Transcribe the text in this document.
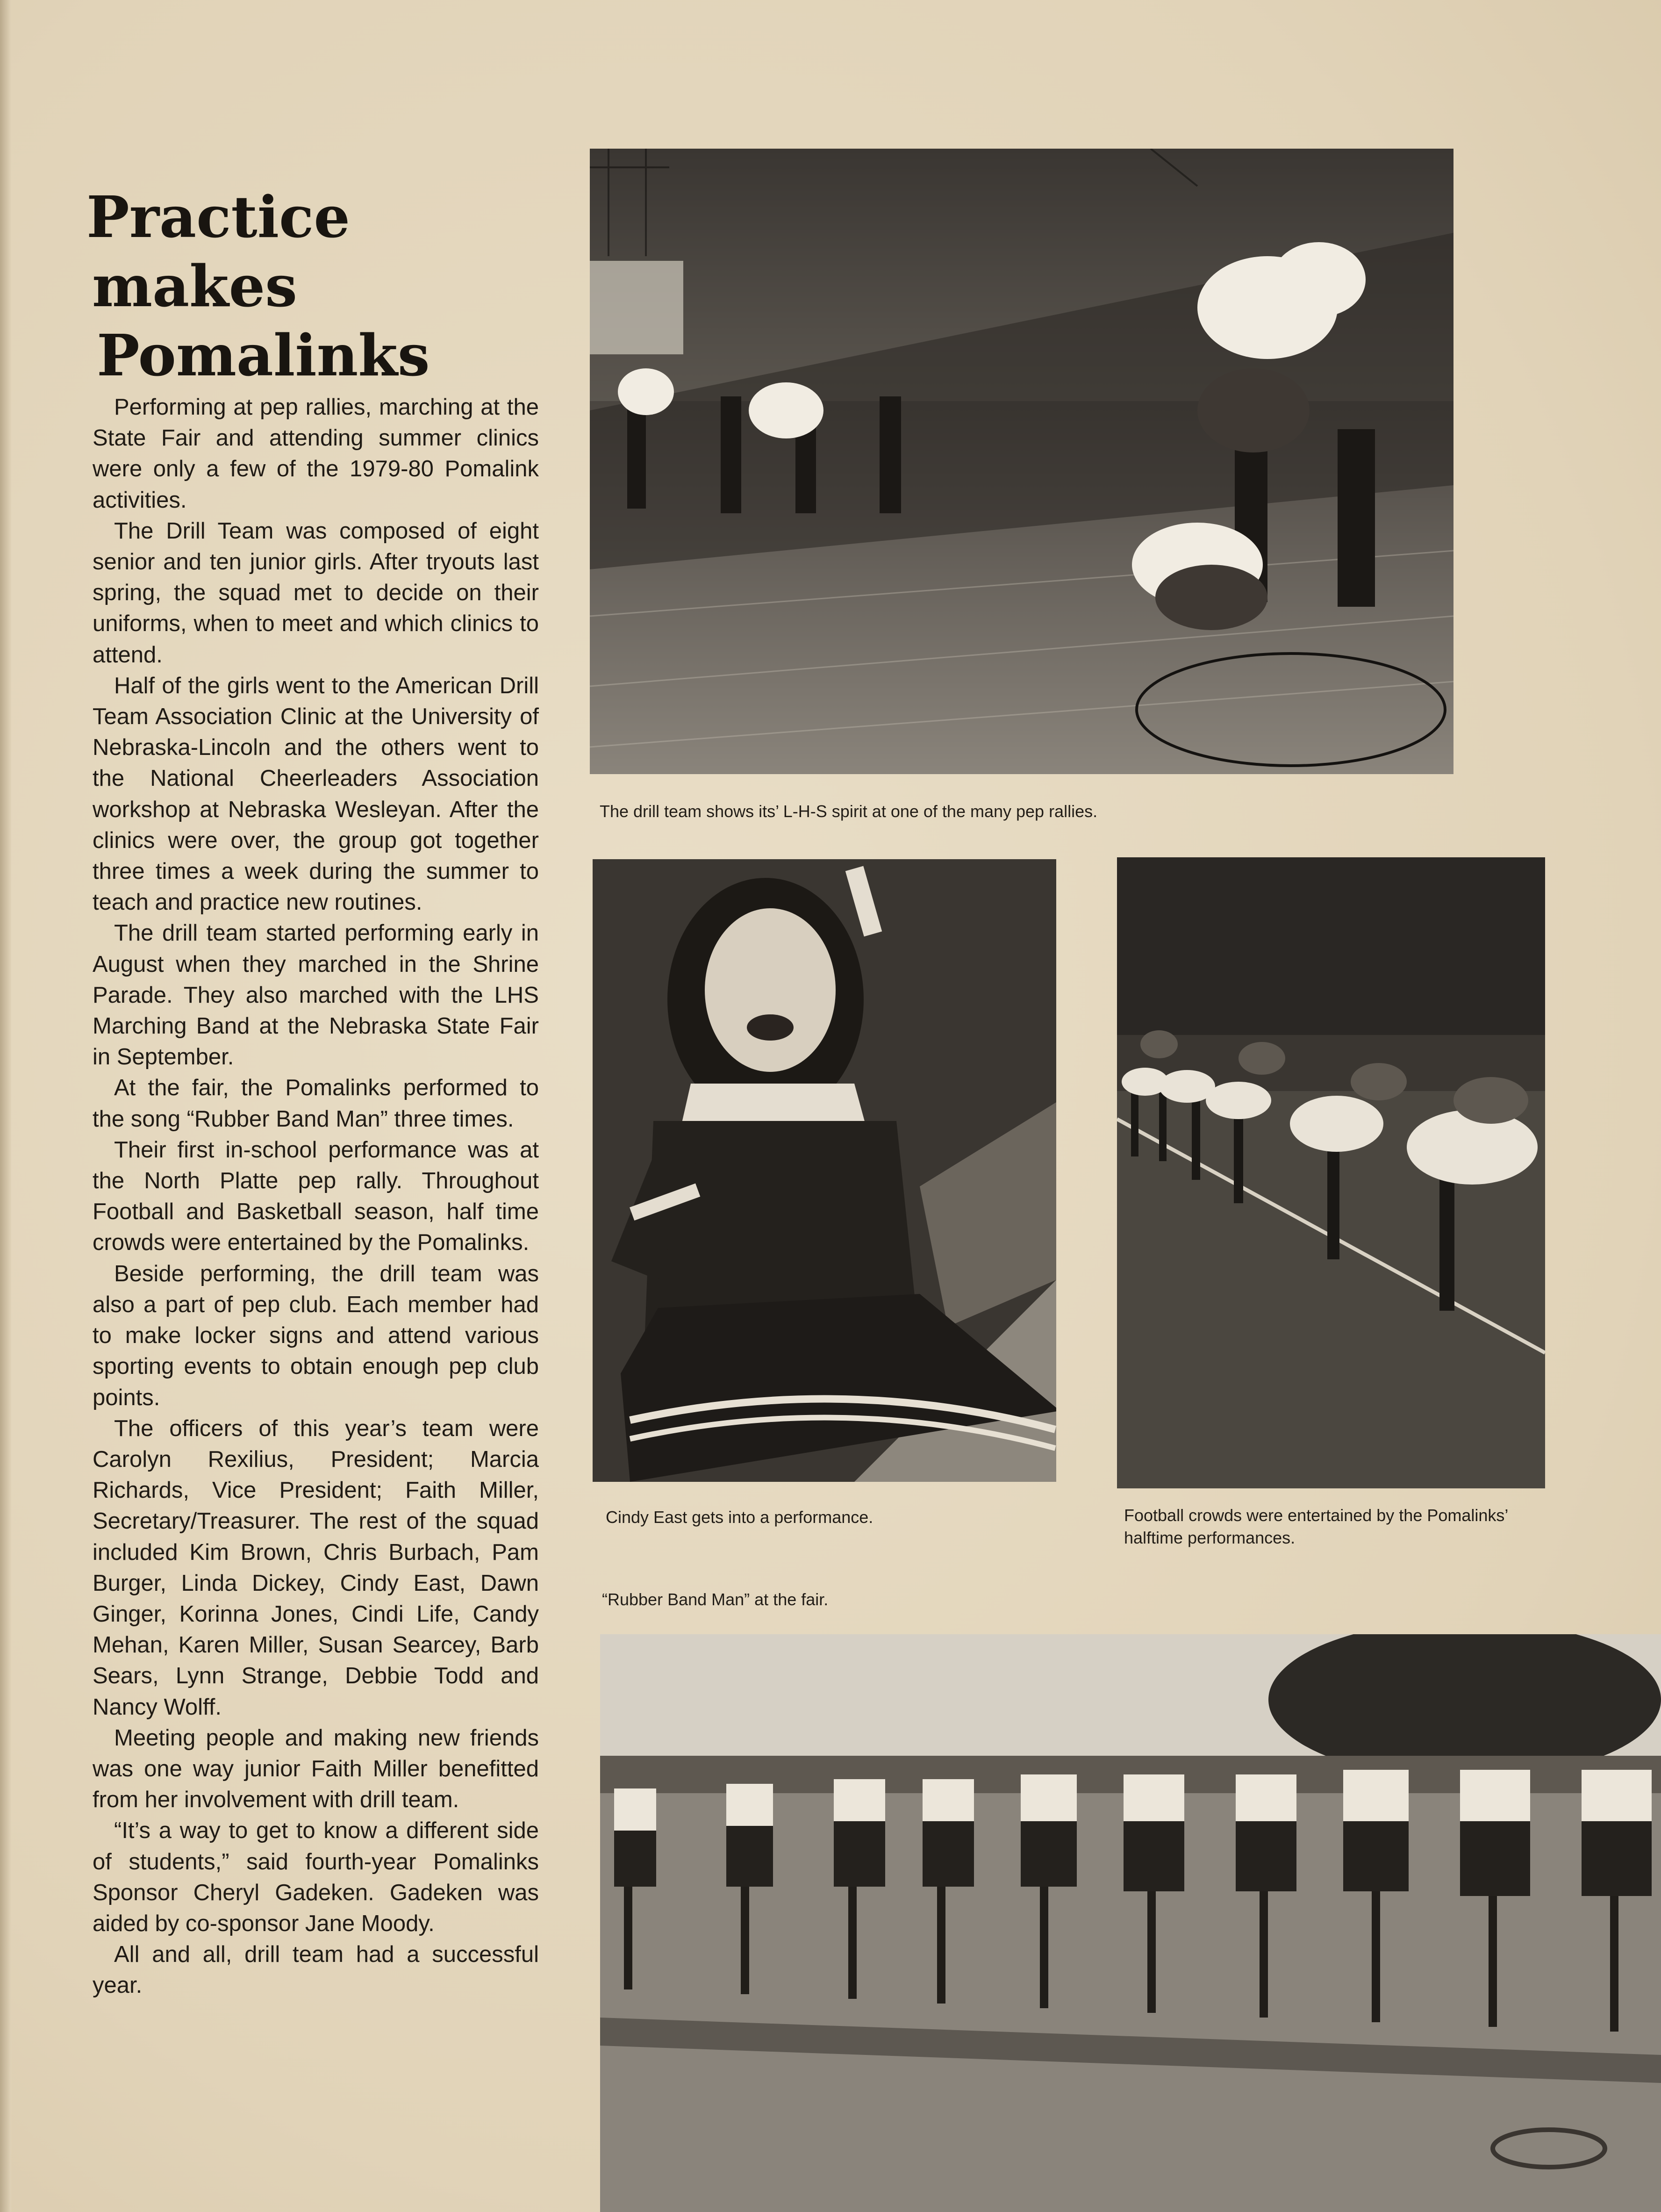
Practice
makes
Pomalinks

Performing at pep rallies, marching at the State Fair and attending summer clinics were only a few of the 1979-80 Pomalink activities.

The Drill Team was composed of eight senior and ten junior girls. After tryouts last spring, the squad met to decide on their uniforms, when to meet and which clinics to attend.

Half of the girls went to the American Drill Team Association Clinic at the University of Nebraska-Lincoln and the others went to the National Cheerleaders Association workshop at Nebraska Wesleyan. After the clinics were over, the group got together three times a week during the summer to teach and practice new routines.

The drill team started performing early in August when they marched in the Shrine Parade. They also marched with the LHS Marching Band at the Nebraska State Fair in September.

At the fair, the Pomalinks performed to the song “Rubber Band Man” three times.

Their first in-school performance was at the North Platte pep rally. Throughout Football and Basketball season, half time crowds were entertained by the Pomalinks.

Beside performing, the drill team was also a part of pep club. Each member had to make locker signs and attend various sporting events to obtain enough pep club points.

The officers of this year’s team were Carolyn Rexilius, President; Marcia Richards, Vice President; Faith Miller, Secretary/Treasurer. The rest of the squad included Kim Brown, Chris Burbach, Pam Burger, Linda Dickey, Cindy East, Dawn Ginger, Korinna Jones, Cindi Life, Candy Mehan, Karen Miller, Susan Searcey, Barb Sears, Lynn Strange, Debbie Todd and Nancy Wolff.

Meeting people and making new friends was one way junior Faith Miller benefitted from her involvement with drill team.

“It’s a way to get to know a different side of students,” said fourth-year Pomalinks Sponsor Cheryl Gadeken. Gadeken was aided by co-sponsor Jane Moody.

All and all, drill team had a successful year.

The drill team shows its’ L-H-S spirit at one of the many pep rallies.
Cindy East gets into a performance.	Football crowds were entertained by the Pomalinks’ halftime performances.
“Rubber Band Man” at the fair.
